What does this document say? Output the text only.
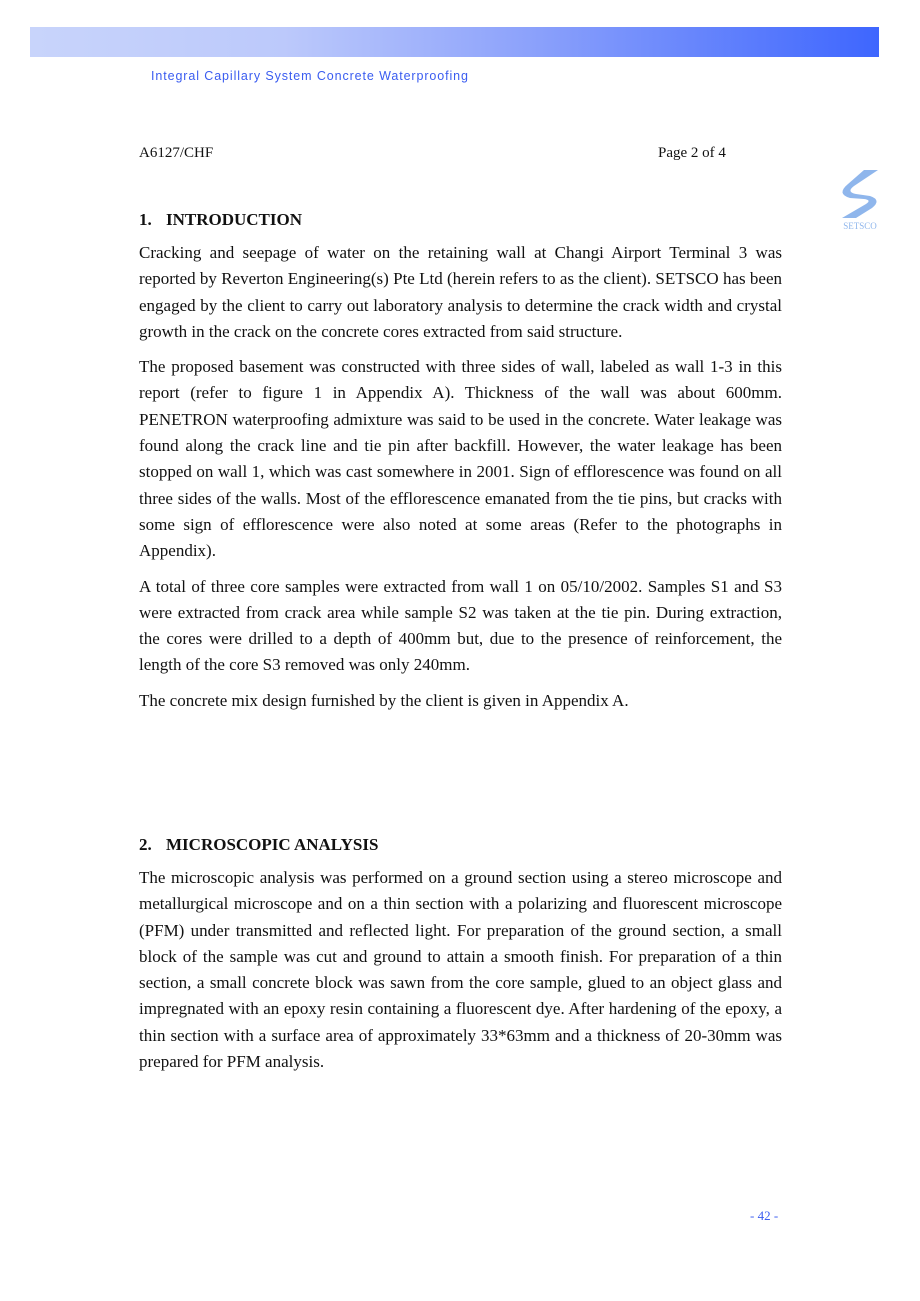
Integral Capillary System Concrete Waterproofing
A6127/CHF	Page 2 of 4
SETSCO
1. INTRODUCTION

Cracking and seepage of water on the retaining wall at Changi Airport Terminal 3 was reported by Reverton Engineering(s) Pte Ltd (herein refers to as the client). SETSCO has been engaged by the client to carry out laboratory analysis to determine the crack width and crystal growth in the crack on the concrete cores extracted from said structure.

The proposed basement was constructed with three sides of wall, labeled as wall 1-3 in this report (refer to figure 1 in Appendix A). Thickness of the wall was about 600mm. PENETRON waterproofing admixture was said to be used in the concrete. Water leakage was found along the crack line and tie pin after backfill. However, the water leakage has been stopped on wall 1, which was cast somewhere in 2001. Sign of efflorescence was found on all three sides of the walls. Most of the efflorescence emanated from the tie pins, but cracks with some sign of efflorescence were also noted at some areas (Refer to the photographs in Appendix).

A total of three core samples were extracted from wall 1 on 05/10/2002. Samples S1 and S3 were extracted from crack area while sample S2 was taken at the tie pin. During extraction, the cores were drilled to a depth of 400mm but, due to the presence of reinforcement, the length of the core S3 removed was only 240mm.

The concrete mix design furnished by the client is given in Appendix A.

2. MICROSCOPIC ANALYSIS

The microscopic analysis was performed on a ground section using a stereo microscope and metallurgical microscope and on a thin section with a polarizing and fluorescent microscope (PFM) under transmitted and reflected light. For preparation of the ground section, a small block of the sample was cut and ground to attain a smooth finish. For preparation of a thin section, a small concrete block was sawn from the core sample, glued to an object glass and impregnated with an epoxy resin containing a fluorescent dye. After hardening of the epoxy, a thin section with a surface area of approximately 33*63mm and a thickness of 20-30mm was prepared for PFM analysis.

- 42 -
